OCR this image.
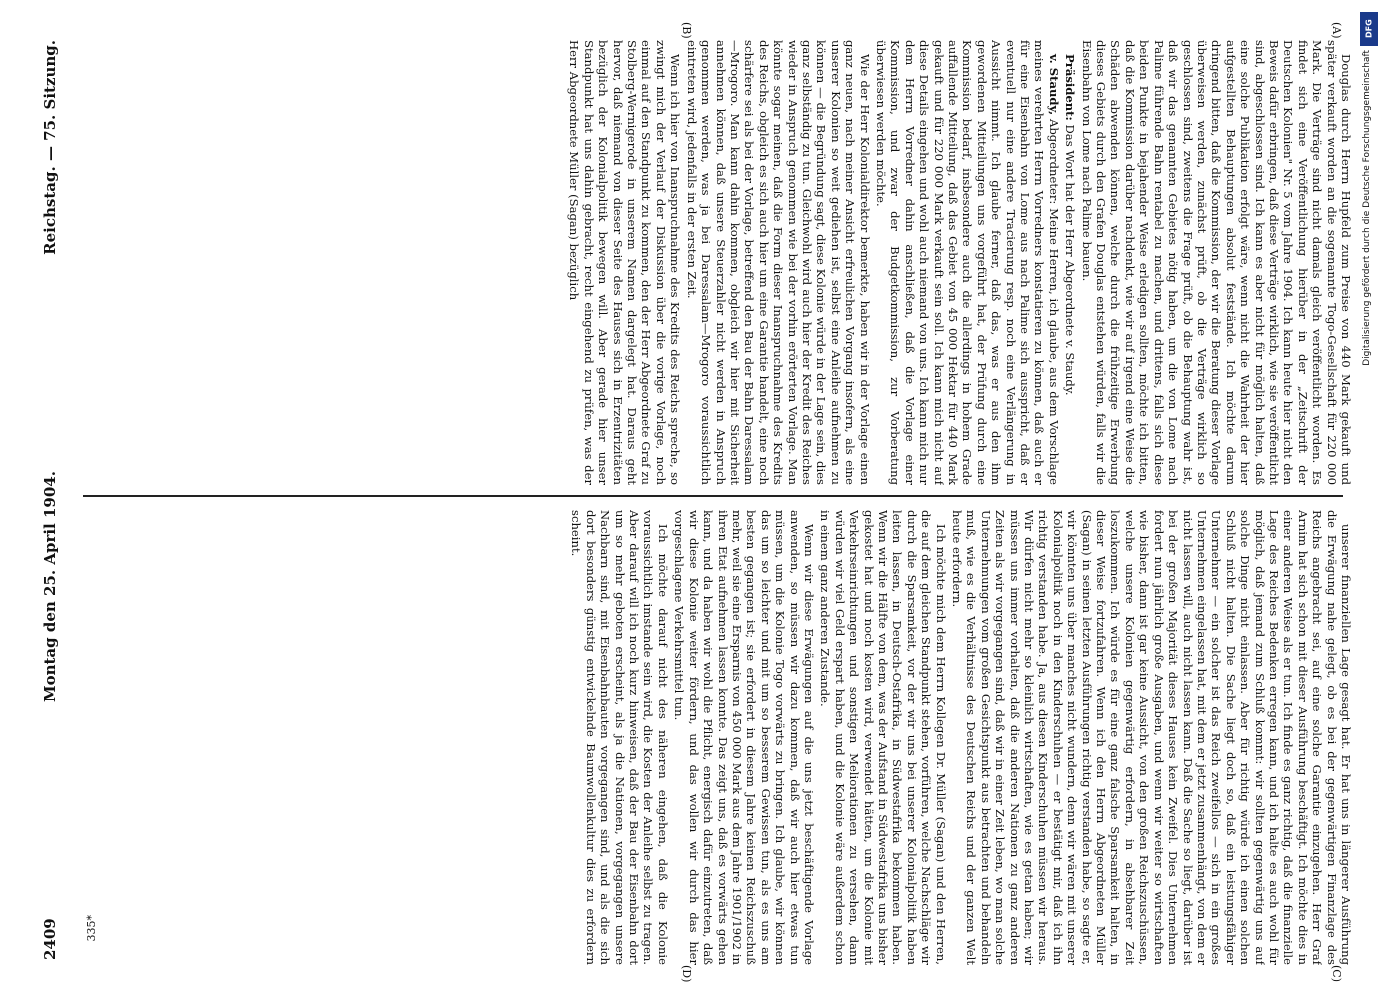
Douglas durch Herrn Hupfeld zum Preise von 440 Mark gekauft und später verkauft worden an die sogenannte Togo-Gesellschaft für 220 000 Mark. Die Verträge sind nicht damals gleich veröffentlicht worden. Es findet sich eine Veröffentlichung hierüber in der „Zeitschrift der Deutschen Kolonien" Nr. 5 vom Jahre 1904. Ich kann heute hier nicht den Beweis dafür erbringen, daß diese Verträge wirklich, wie sie veröffentlicht sind, abgeschlossen sind. Ich kann es aber nicht für möglich halten, daß eine solche Publikation erfolgt wäre, wenn nicht die Wahrheit der hier aufgestellten Behauptungen absolut feststände. Ich möchte darum dringend bitten, daß die Kommission, der wir die Beratung dieser Vorlage überweisen werden, zunächst prüft, ob die Verträge wirklich so geschlossen sind, zweitens die Frage prüft, ob die Behauptung wahr ist, daß wir das genannten Gebietes nötig haben, um die von Lome nach Palime führende Bahn rentabel zu machen, und drittens, falls sich diese beiden Punkte in bejahender Weise erledigen sollten, möchte ich bitten, daß die Kommission darüber nachdenkt, wie wir auf irgend eine Weise die Schäden abwenden können, welche durch die frühzeitige Erwerbung dieses Gebiets durch den Grafen Douglas entstehen würden, falls wir die Eisenbahn von Lome nach Palime bauen.

Präsident: Das Wort hat der Herr Abgeordnete v. Staudy.

v. Staudy, Abgeordneter: Meine Herren, ich glaube, aus dem Vorschlage meines verehrten Herrn Vorredners konstatieren zu können, daß auch er für eine Eisenbahn von Lome aus nach Palime sich ausspricht, daß er eventuell nur eine andere Tracierung resp. noch eine Verlängerung in Aussicht nimmt. Ich glaube ferner, daß das, was er aus den ihm gewordenen Mitteilungen uns vorgeführt hat, der Prüfung durch eine Kommission bedarf, insbesondere auch die allerdings in hohem Grade auffallende Mitteilung, daß das Gebiet von 45 000 Hektar für 440 Mark gekauft und für 220 000 Mark verkauft sein soll. Ich kann mich nicht auf diese Details eingehen und wohl auch niemand von uns. Ich kann mich nur dem Herrn Vorredner dahin anschließen, daß die Vorlage einer Kommission, und zwar der Budgetkommission, zur Vorberatung überwiesen werden möchte.

Wie der Herr Kolonialdirektor bemerkte, haben wir in der Vorlage einen ganz neuen, nach meiner Ansicht erfreulichen Vorgang insofern, als eine unserer Kolonien so weit gediehen ist, selbst eine Anleihe aufnehmen zu können — die Begründung sagt, diese Kolonie würde in der Lage sein, dies ganz selbständig zu tun. Gleichwohl wird auch hier der Kredit des Reiches wieder in Anspruch genommen wie bei der vorhin erörterten Vorlage. Man könnte sogar meinen, daß die Form dieser Inanspruchnahme des Kredits des Reichs, obgleich es sich auch hier um eine Garantie handelt, eine noch schärfere sei als bei der Vorlage, betreffend den Bau der Bahn Daressalam—Mrogoro. Man kann dahin kommen, obgleich wir hier mit Sicherheit annehmen können, daß unsere Steuerzahler nicht werden in Anspruch genommen werden, was ja bei Daressalam—Mrogoro voraussichtlich eintreten wird, jedenfalls in der ersten Zeit.

Wenn ich hier von Inanspruchnahme des Kredits des Reichs spreche, so zwingt mich der Verlauf der Diskussion über die vorige Vorlage, noch einmal auf den Standpunkt zu kommen, den der Herr Abgeordnete Graf zu Stolberg-Wernigerode in unserem Namen dargelegt hat. Daraus geht hervor, daß niemand von dieser Seite des Hauses sich in Erzentrizitäten bezüglich der Kolonialpolitik bewegen will. Aber gerade hier unser Standpunkt hat uns dahin gebracht, recht eingehend zu prüfen, was der Herr Abgeordnete Müller (Sagan) bezüglich

unserer finanziellen Lage gesagt hat. Er hat uns in längerer Ausführung die Erwägung nahe gelegt, ob es bei der gegenwärtigen Finanzlage des Reichs angebracht sei, auf eine solche Garantie einzugehen. Herr Graf Arnim hat sich schon mit dieser Ausführung beschäftigt. Ich möchte dies in einer anderen Weise als er tun. Ich finde es ganz richtig, daß die finanzielle Lage des Reiches Bedenken erregen kann, und ich halte es auch wohl für möglich, daß jemand zum Schluß kommt: wir sollten gegenwärtig uns auf solche Dinge nicht einlassen. Aber für richtig würde ich einen solchen Schluß nicht halten. Die Sache liegt doch so, daß ein leistungsfähiger Unternehmer — ein solcher ist das Reich zweifellos — sich in ein großes Unternehmen eingelassen hat, mit dem er jetzt zusammenhängt, von dem er nicht lassen will, auch nicht lassen kann. Daß die Sache so liegt, darüber ist bei der großen Majorität dieses Hauses kein Zweifel. Dies Unternehmen fordert nun jährlich große Ausgaben, und wenn wir weiter so wirtschaften wie bisher, dann ist gar keine Aussicht, von den großen Reichszuschüssen, welche unsere Kolonien gegenwärtig erfordern, in absehbarer Zeit loszukommen. Ich würde es für eine ganz falsche Sparsamkeit halten, in dieser Weise fortzufahren. Wenn ich den Herrn Abgeordneten Müller (Sagan) in seinen letzten Ausführungen richtig verstanden habe, so sagte er, wir könnten uns über manches nicht wundern, denn wir wären mit unserer Kolonialpolitik noch in den Kinderschuhen — er bestätigt mir, daß ich ihn richtig verstanden habe. Ja, aus diesen Kinderschuhen müssen wir heraus. Wir dürfen nicht mehr so kleinlich wirtschaften, wie es getan haben; wir müssen uns immer vorhalten, daß die anderen Nationen zu ganz anderen Zeiten als wir vorgegangen sind, daß wir in einer Zeit leben, wo man solche Unternehmungen vom großen Gesichtspunkt aus betrachten und behandeln muß, wie es die Verhältnisse des Deutschen Reichs und der ganzen Welt heute erfordern.

Ich möchte mich dem Herrn Kollegen Dr. Müller (Sagan) und den Herren, die auf dem gleichen Standpunkt stehen, vorführen, welche Nachschläge wir durch die Sparsamkeit, vor der wir uns bei unserer Kolonialpolitik haben leiten lassen, in Deutsch-Ostafrika, in Südwestafrika bekommen haben. Wenn wir die Hälfte von dem, was der Aufstand in Südwestafrika uns bisher gekostet hat und noch kosten wird, verwendet hätten, um die Kolonie mit Verkehrseinrichtungen und sonstigen Meliorationen zu versehen, dann würden wir viel Geld erspart haben, und die Kolonie wäre außerdem schon in einem ganz anderen Zustande.

Wenn wir diese Erwägungen auf die uns jetzt beschäftigende Vorlage anwenden, so müssen wir dazu kommen, daß wir auch hier etwas tun müssen, um die Kolonie Togo vorwärts zu bringen. Ich glaube, wir können das um so leichter und mit um so besserem Gewissen tun, als es uns am besten gegangen ist; sie erfordert in diesem Jahre keinen Reichszuschuß mehr, weil sie eine Ersparnis von 450 000 Mark aus dem Jahre 1901/1902 in ihren Etat aufnehmen lassen konnte. Das zeigt uns, daß es vorwärts gehen kann, und da haben wir wohl die Pflicht, energisch dafür einzutreten, daß wir diese Kolonie weiter fördern, und das wollen wir durch das hier vorgeschlagene Verkehrsmittel tun.

Ich möchte darauf nicht des näheren eingehen, daß die Kolonie voraussichtlich imstande sein wird, die Kosten der Anleihe selbst zu tragen. Aber darauf will ich noch kurz hinweisen, daß der Bau der Eisenbahn dort um so mehr geboten erscheint, als ja die Nationen, vorgegangen unsere Nachbarn sind, mit Eisenbahnbauten vorgegangen sind, und als die sich dort besonders günstig entwickelnde Baumwollenkultur dies zu erfordern scheint.

(A)
(B)
(C)
(D)
335*
2409
Montag den 25. April 1904.
Reichstag. — 75. Sitzung.
DFG
Digitalisierung gefördert durch die Deutsche Forschungsgemeinschaft
